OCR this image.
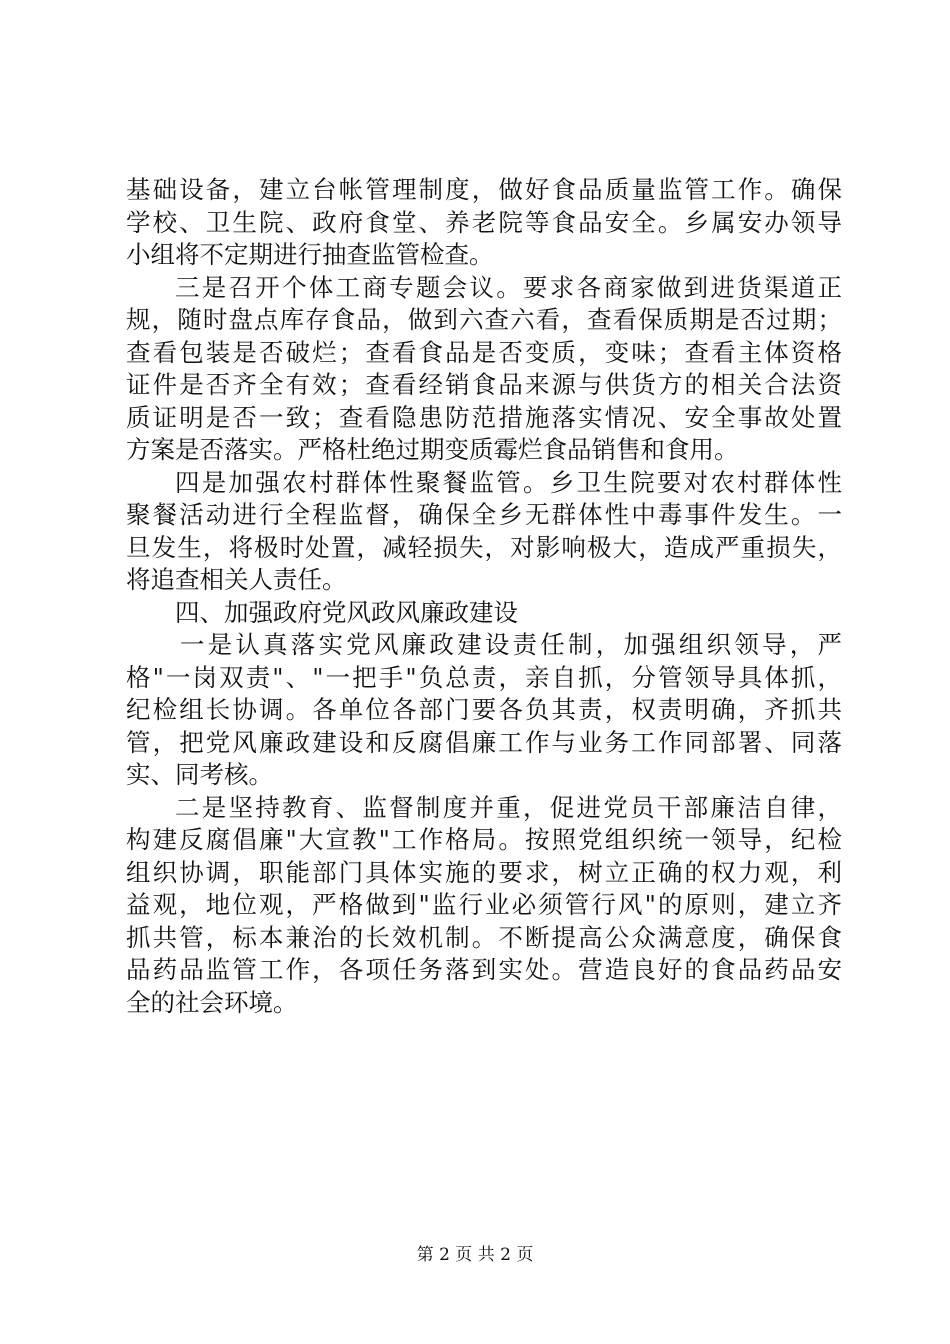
基础设备，建立台帐管理制度，做好食品质量监管工作。确保
学校、卫生院、政府食堂、养老院等食品安全。乡属安办领导
小组将不定期进行抽查监管检查。
三是召开个体工商专题会议。要求各商家做到进货渠道正
规，随时盘点库存食品，做到六查六看，查看保质期是否过期；
查看包装是否破烂；查看食品是否变质，变味；查看主体资格
证件是否齐全有效；查看经销食品来源与供货方的相关合法资
质证明是否一致；查看隐患防范措施落实情况、安全事故处置
方案是否落实。严格杜绝过期变质霉烂食品销售和食用。
四是加强农村群体性聚餐监管。乡卫生院要对农村群体性
聚餐活动进行全程监督，确保全乡无群体性中毒事件发生。一
旦发生，将极时处置，减轻损失，对影响极大，造成严重损失，
将追查相关人责任。
四、加强政府党风政风廉政建设
一是认真落实党风廉政建设责任制，加强组织领导，严
格"一岗双责"、"一把手"负总责，亲自抓，分管领导具体抓，
纪检组长协调。各单位各部门要各负其责，权责明确，齐抓共
管，把党风廉政建设和反腐倡廉工作与业务工作同部署、同落
实、同考核。
二是坚持教育、监督制度并重，促进党员干部廉洁自律，
构建反腐倡廉"大宣教"工作格局。按照党组织统一领导，纪检
组织协调，职能部门具体实施的要求，树立正确的权力观，利
益观，地位观，严格做到"监行业必须管行风"的原则，建立齐
抓共管，标本兼治的长效机制。不断提高公众满意度，确保食
品药品监管工作，各项任务落到实处。营造良好的食品药品安
全的社会环境。
第 2 页 共 2 页
